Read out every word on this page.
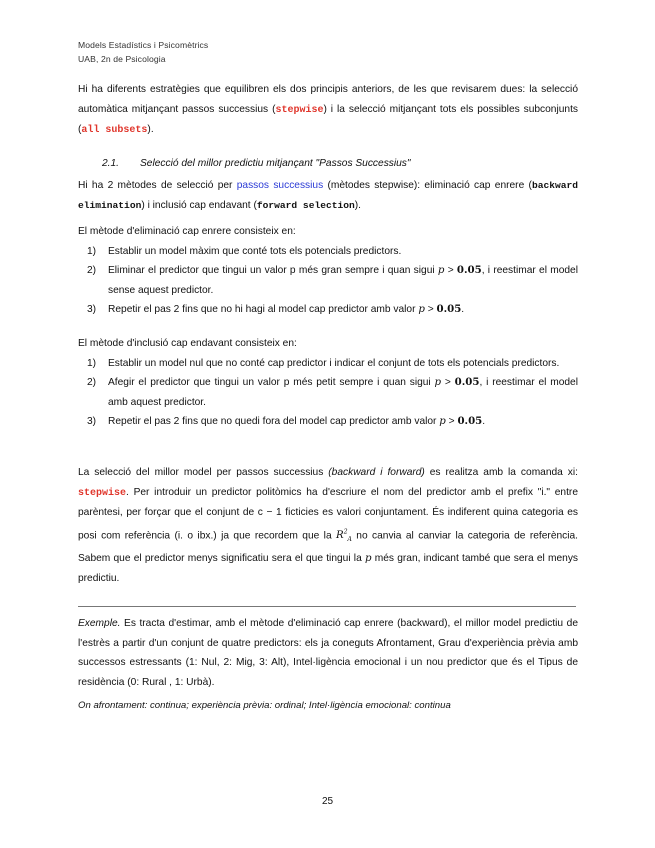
Models Estadístics i Psicomètrics
UAB, 2n de Psicologia

Hi ha diferents estratègies que equilibren els dos principis anteriors, de les que revisarem dues: la selecció automàtica mitjançant passos successius (stepwise) i la selecció mitjançant tots els possibles subconjunts (all subsets).

2.1. Selecció del millor predictiu mitjançant "Passos Successius"

Hi ha 2 mètodes de selecció per passos successius (mètodes stepwise): eliminació cap enrere (backward elimination) i inclusió cap endavant (forward selection).

El mètode d'eliminació cap enrere consisteix en:

1) Establir un model màxim que conté tots els potencials predictors.
2) Eliminar el predictor que tingui un valor p més gran sempre i quan sigui p > 0.05, i reestimar el model sense aquest predictor.
3) Repetir el pas 2 fins que no hi hagi al model cap predictor amb valor p > 0.05.

El mètode d'inclusió cap endavant consisteix en:

1) Establir un model nul que no conté cap predictor i indicar el conjunt de tots els potencials predictors.
2) Afegir el predictor que tingui un valor p més petit sempre i quan sigui p > 0.05, i reestimar el model amb aquest predictor.
3) Repetir el pas 2 fins que no quedi fora del model cap predictor amb valor p > 0.05.

La selecció del millor model per passos successius (backward i forward) es realitza amb la comanda xi: stepwise. Per introduir un predictor politòmics ha d'escriure el nom del predictor amb el prefix "i." entre parèntesi, per forçar que el conjunt de c − 1 ficticies es valori conjuntament. És indiferent quina categoria es posi com referència (i. o ibx.) ja que recordem que la $R^2_A$ no canvia al canviar la categoria de referència. Sabem que el predictor menys significatiu sera el que tingui la p més gran, indicant també que sera el menys predictiu.

Exemple. Es tracta d'estimar, amb el mètode d'eliminació cap enrere (backward), el millor model predictiu de l'estrès a partir d'un conjunt de quatre predictors: els ja coneguts Afrontament, Grau d'experiència prèvia amb successos estressants (1: Nul, 2: Mig, 3: Alt), Intel·ligència emocional i un nou predictor que és el Tipus de residència (0: Rural , 1: Urbà).

On afrontament: continua; experiència prèvia: ordinal; Intel·ligència emocional: continua
25
